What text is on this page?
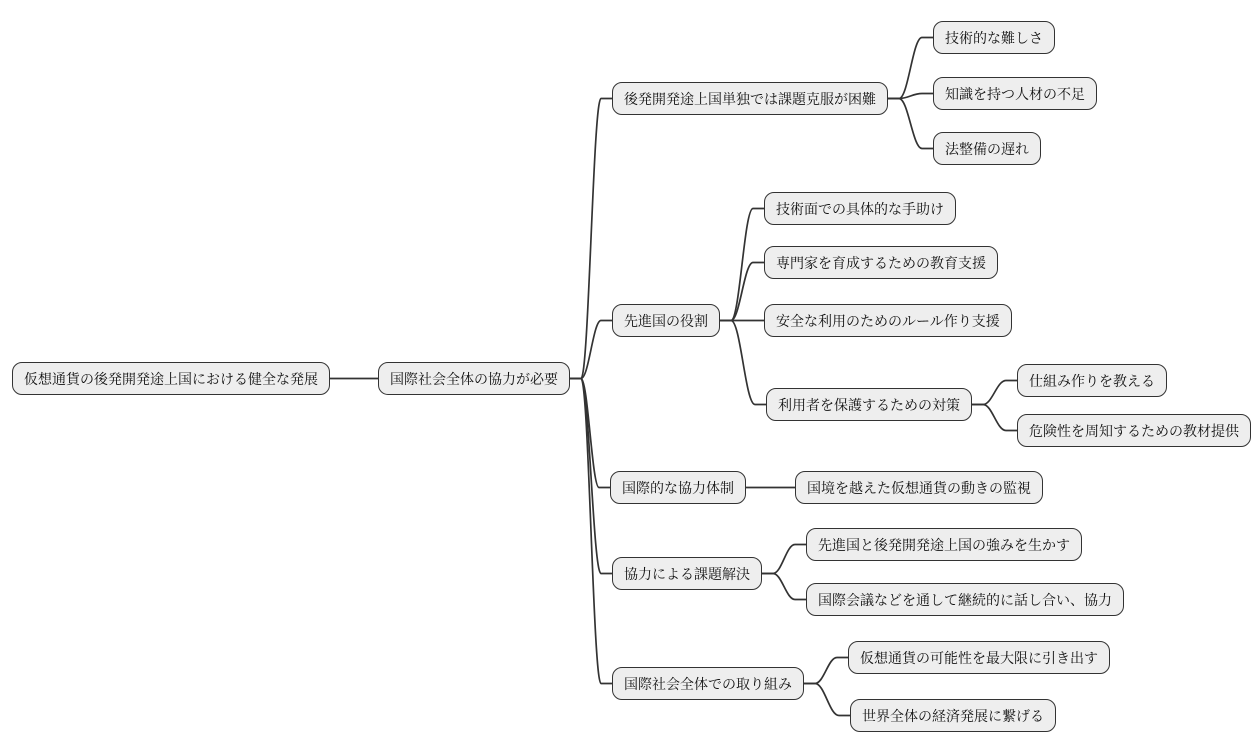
仮想通貨の後発開発途上国における健全な発展	国際社会全体の協力が必要
後発開発途上国単独では課題克服が困難
技術的な難しさ
知識を持つ人材の不足
法整備の遅れ
先進国の役割
技術面での具体的な手助け
専門家を育成するための教育支援
安全な利用のためのルール作り支援
利用者を保護するための対策
仕組み作りを教える
危険性を周知するための教材提供
国際的な協力体制	国境を越えた仮想通貨の動きの監視
協力による課題解決
先進国と後発開発途上国の強みを生かす
国際会議などを通して継続的に話し合い、協力
国際社会全体での取り組み
仮想通貨の可能性を最大限に引き出す
世界全体の経済発展に繋げる
